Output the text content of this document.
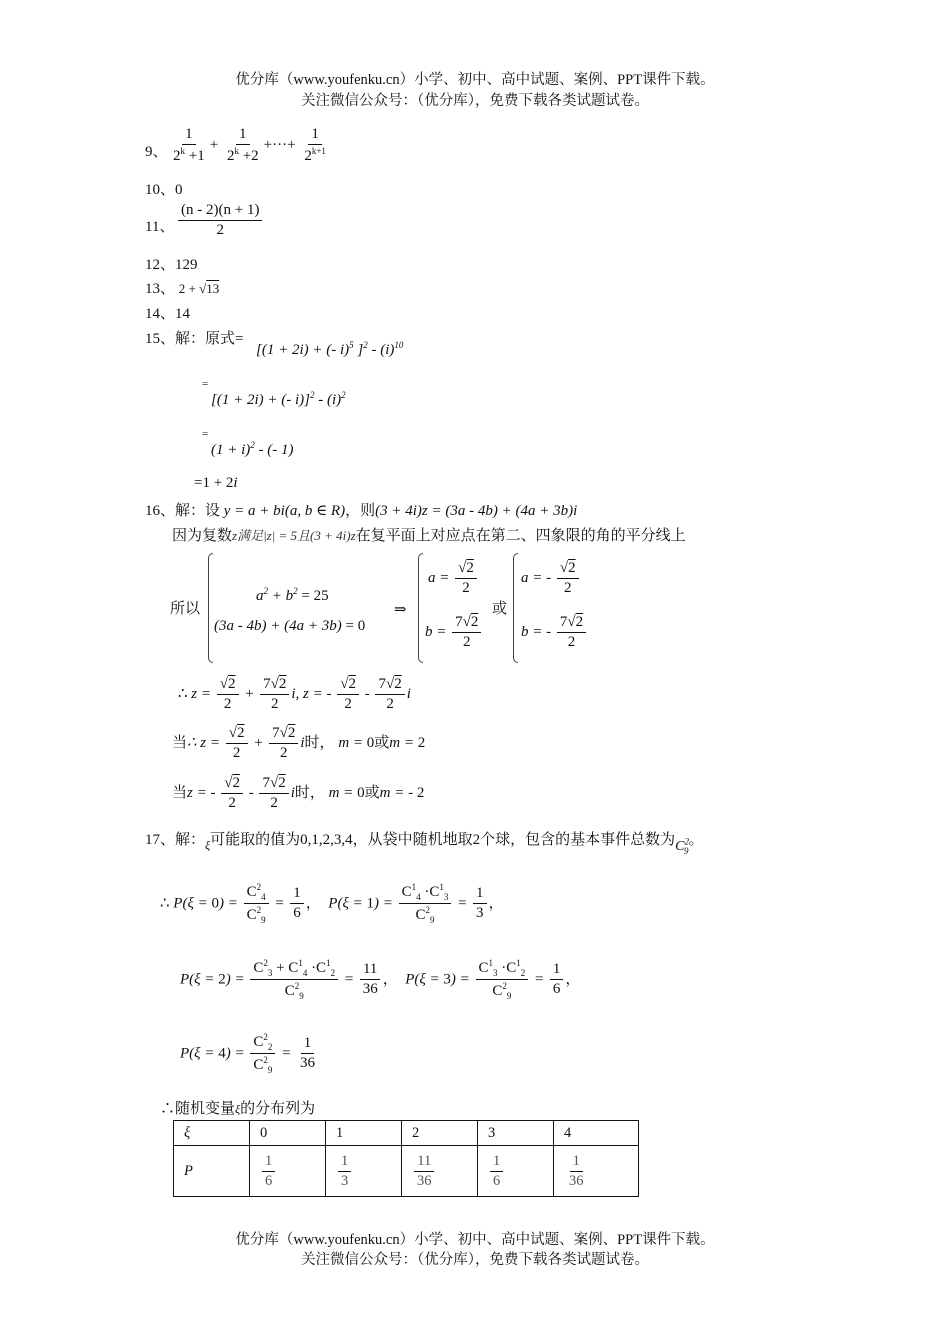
优分库（www.youfenku.cn）小学、初中、高中试题、案例、PPT课件下载。
关注微信公众号：（优分库），免费下载各类试题试卷。
9、 $\frac{1}{2^k +1} + \frac{1}{2^k +2}$ +···+ $\frac{1}{2^{k+1}}$
10、0
11、 $\frac{(n - 2)(n + 1)}{2}$
12、129
13、 2 + √13
14、14
15、解：原式=
[(1 + 2i) + (- i)$^5$ ]$^2 - (i)^{10}$
=
[(1 + 2i) + (- $i)]^2 - (i)^2$
=
$(1 + i)^2$ - (- 1)
=1 + 2i
16、解：设 y = a + bi(a, b ∈ R)，则(3 + 4i)z = (3a - 4b) + (4a + 3b)i
因为复数z满足|z| = 5且(3 + 4i)z在复平面上对应点在第二、四象限的角的平分线上
所以
$a^2 + b^2 = 25$
(3a - 4b) + (4a + 3b) = 0
⇒
$a = \frac{√2}{2}$
$b = \frac{7√2}{2}$
或
a = - $\frac{√2}{2}$
b = - $\frac{7√2}{2}$
∴ $z = \frac{√2}{2} + \frac{7√2}{2} i$, z = - $\frac{√2}{2} - \frac{7√2}{2}$ i
当∴ $z = \frac{√2}{2} + \frac{7√2}{2}$ i时， m = 0或m = 2
当z = - $\frac{√2}{2} - \frac{7√2}{2}$ i时， m = 0或m = - 2
17、解：$_\xi$可能取的值为0,1,2,3,4，从袋中随机地取2个球，包含的基本事件总数为$C^2_9$。
∴ $P(\xi = 0) = \frac{C^2_4}{C^2_9} = \frac{1}{6}$ ，  $P(\xi = 1) = \frac{C^1_4 \cdot C^1_3}{C^2_9} = \frac{1}{3}$ ，
$P(\xi = 2) = \frac{C^2_3 + C^1_4 \cdot C^1_2}{C^2_9} = \frac{11}{36}$ ，  $P(\xi = 3) = \frac{C^1_3 \cdot C^1_2}{C^2_9} = \frac{1}{6}$ ，
$P(\xi = 4) = \frac{C^2_2}{C^2_9} = \frac{1}{36}$
∴随机变量ξ的分布列为
ξ	0	1	2	3	4
P	$\frac{1}{6}$	$\frac{1}{3}$	$\frac{11}{36}$	$\frac{1}{6}$	$\frac{1}{36}$
优分库（www.youfenku.cn）小学、初中、高中试题、案例、PPT课件下载。
关注微信公众号：（优分库），免费下载各类试题试卷。
